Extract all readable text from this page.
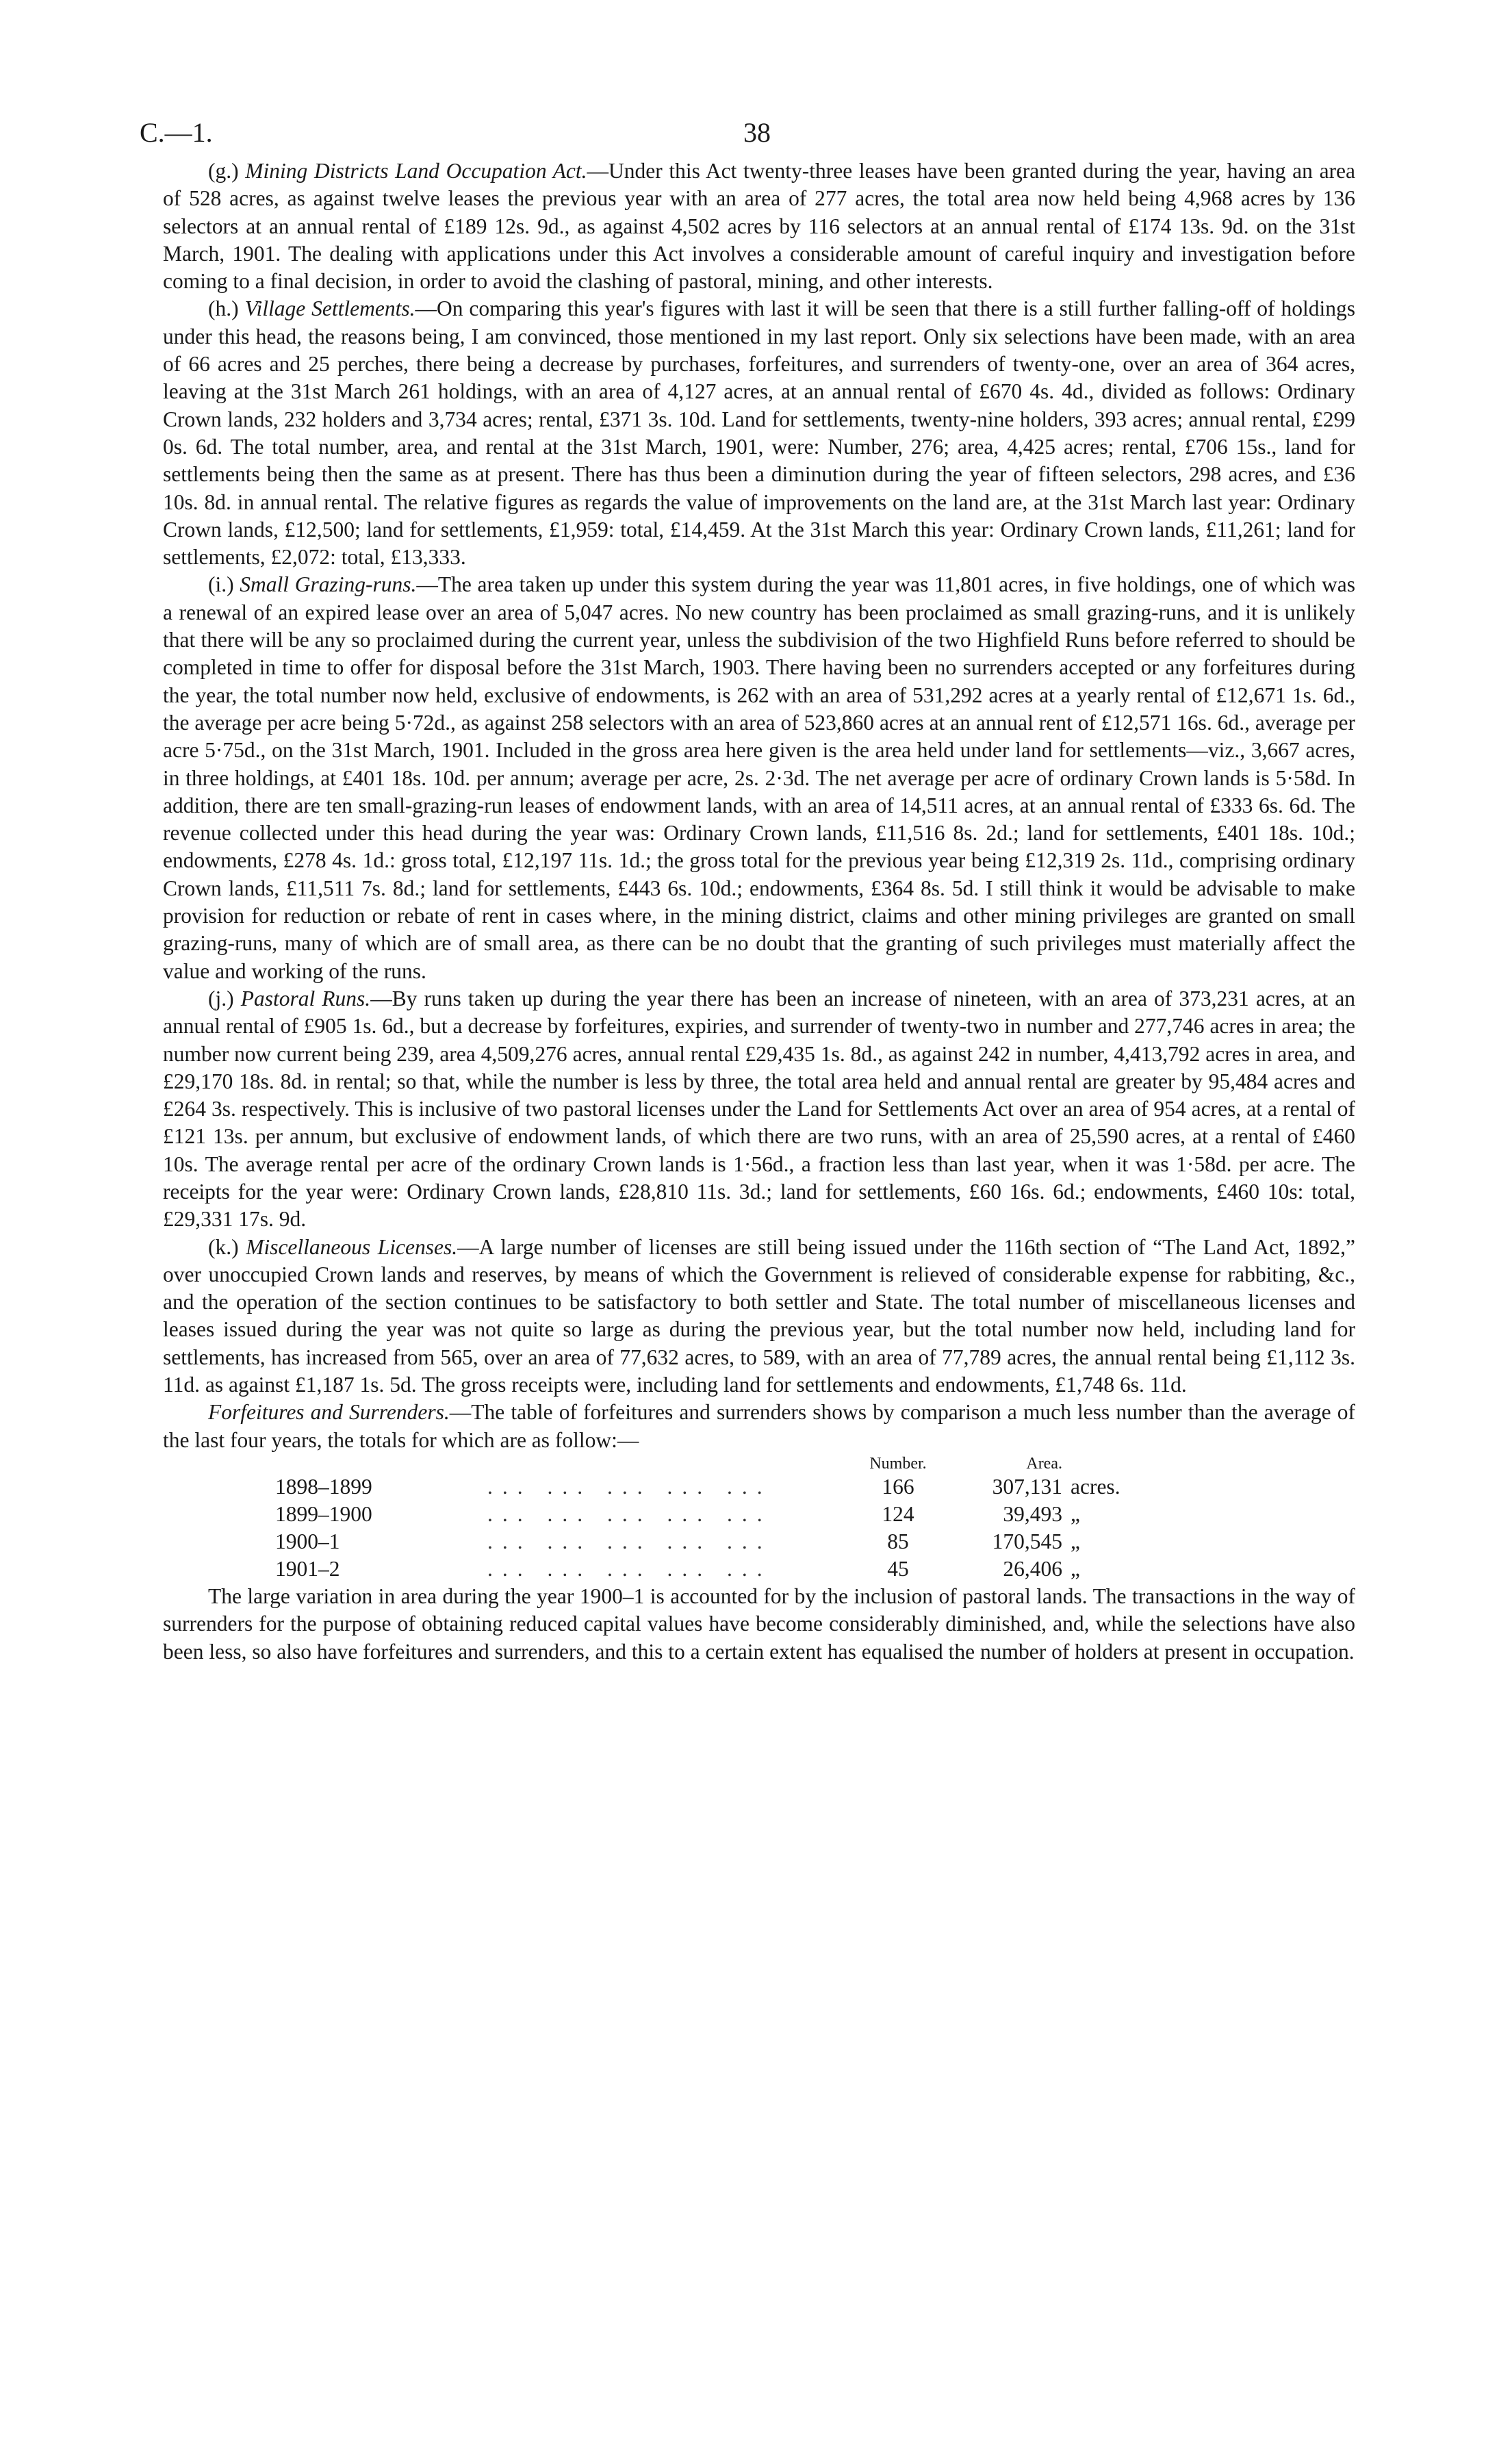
C.—1.	38

(g.) Mining Districts Land Occupation Act.—Under this Act twenty-three leases have been granted during the year, having an area of 528 acres, as against twelve leases the previous year with an area of 277 acres, the total area now held being 4,968 acres by 136 selectors at an annual rental of £189 12s. 9d., as against 4,502 acres by 116 selectors at an annual rental of £174 13s. 9d. on the 31st March, 1901. The dealing with applications under this Act involves a considerable amount of careful inquiry and investigation before coming to a final decision, in order to avoid the clashing of pastoral, mining, and other interests.

(h.) Village Settlements.—On comparing this year's figures with last it will be seen that there is a still further falling-off of holdings under this head, the reasons being, I am convinced, those mentioned in my last report. Only six selections have been made, with an area of 66 acres and 25 perches, there being a decrease by purchases, forfeitures, and surrenders of twenty-one, over an area of 364 acres, leaving at the 31st March 261 holdings, with an area of 4,127 acres, at an annual rental of £670 4s. 4d., divided as follows: Ordinary Crown lands, 232 holders and 3,734 acres; rental, £371 3s. 10d. Land for settlements, twenty-nine holders, 393 acres; annual rental, £299 0s. 6d. The total number, area, and rental at the 31st March, 1901, were: Number, 276; area, 4,425 acres; rental, £706 15s., land for settlements being then the same as at present. There has thus been a diminution during the year of fifteen selectors, 298 acres, and £36 10s. 8d. in annual rental. The relative figures as regards the value of improvements on the land are, at the 31st March last year: Ordinary Crown lands, £12,500; land for settlements, £1,959: total, £14,459. At the 31st March this year: Ordinary Crown lands, £11,261; land for settlements, £2,072: total, £13,333.

(i.) Small Grazing-runs.—The area taken up under this system during the year was 11,801 acres, in five holdings, one of which was a renewal of an expired lease over an area of 5,047 acres. No new country has been proclaimed as small grazing-runs, and it is unlikely that there will be any so proclaimed during the current year, unless the subdivision of the two Highfield Runs before referred to should be completed in time to offer for disposal before the 31st March, 1903. There having been no surrenders accepted or any forfeitures during the year, the total number now held, exclusive of endowments, is 262 with an area of 531,292 acres at a yearly rental of £12,671 1s. 6d., the average per acre being 5·72d., as against 258 selectors with an area of 523,860 acres at an annual rent of £12,571 16s. 6d., average per acre 5·75d., on the 31st March, 1901. Included in the gross area here given is the area held under land for settlements—viz., 3,667 acres, in three holdings, at £401 18s. 10d. per annum; average per acre, 2s. 2·3d. The net average per acre of ordinary Crown lands is 5·58d. In addition, there are ten small-grazing-run leases of endowment lands, with an area of 14,511 acres, at an annual rental of £333 6s. 6d. The revenue collected under this head during the year was: Ordinary Crown lands, £11,516 8s. 2d.; land for settlements, £401 18s. 10d.; endowments, £278 4s. 1d.: gross total, £12,197 11s. 1d.; the gross total for the previous year being £12,319 2s. 11d., comprising ordinary Crown lands, £11,511 7s. 8d.; land for settlements, £443 6s. 10d.; endowments, £364 8s. 5d. I still think it would be advisable to make provision for reduction or rebate of rent in cases where, in the mining district, claims and other mining privileges are granted on small grazing-runs, many of which are of small area, as there can be no doubt that the granting of such privileges must materially affect the value and working of the runs.

(j.) Pastoral Runs.—By runs taken up during the year there has been an increase of nineteen, with an area of 373,231 acres, at an annual rental of £905 1s. 6d., but a decrease by forfeitures, expiries, and surrender of twenty-two in number and 277,746 acres in area; the number now current being 239, area 4,509,276 acres, annual rental £29,435 1s. 8d., as against 242 in number, 4,413,792 acres in area, and £29,170 18s. 8d. in rental; so that, while the number is less by three, the total area held and annual rental are greater by 95,484 acres and £264 3s. respectively. This is inclusive of two pastoral licenses under the Land for Settlements Act over an area of 954 acres, at a rental of £121 13s. per annum, but exclusive of endowment lands, of which there are two runs, with an area of 25,590 acres, at a rental of £460 10s. The average rental per acre of the ordinary Crown lands is 1·56d., a fraction less than last year, when it was 1·58d. per acre. The receipts for the year were: Ordinary Crown lands, £28,810 11s. 3d.; land for settlements, £60 16s. 6d.; endowments, £460 10s: total, £29,331 17s. 9d.

(k.) Miscellaneous Licenses.—A large number of licenses are still being issued under the 116th section of “The Land Act, 1892,” over unoccupied Crown lands and reserves, by means of which the Government is relieved of considerable expense for rabbiting, &c., and the operation of the section continues to be satisfactory to both settler and State. The total number of miscellaneous licenses and leases issued during the year was not quite so large as during the previous year, but the total number now held, including land for settlements, has increased from 565, over an area of 77,632 acres, to 589, with an area of 77,789 acres, the annual rental being £1,112 3s. 11d. as against £1,187 1s. 5d. The gross receipts were, including land for settlements and endowments, £1,748 6s. 11d.

Forfeitures and Surrenders.—The table of forfeitures and surrenders shows by comparison a much less number than the average of the last four years, the totals for which are as follow:—

		Number.	Area.	
1898–1899	... ... ... ... ...	166	307,131	acres.
1899–1900	... ... ... ... ...	124	39,493	„
1900–1	... ... ... ... ...	85	170,545	„
1901–2	... ... ... ... ...	45	26,406	„

The large variation in area during the year 1900–1 is accounted for by the inclusion of pastoral lands. The transactions in the way of surrenders for the purpose of obtaining reduced capital values have become considerably diminished, and, while the selections have also been less, so also have forfeitures and surrenders, and this to a certain extent has equalised the number of holders at present in occupation.
